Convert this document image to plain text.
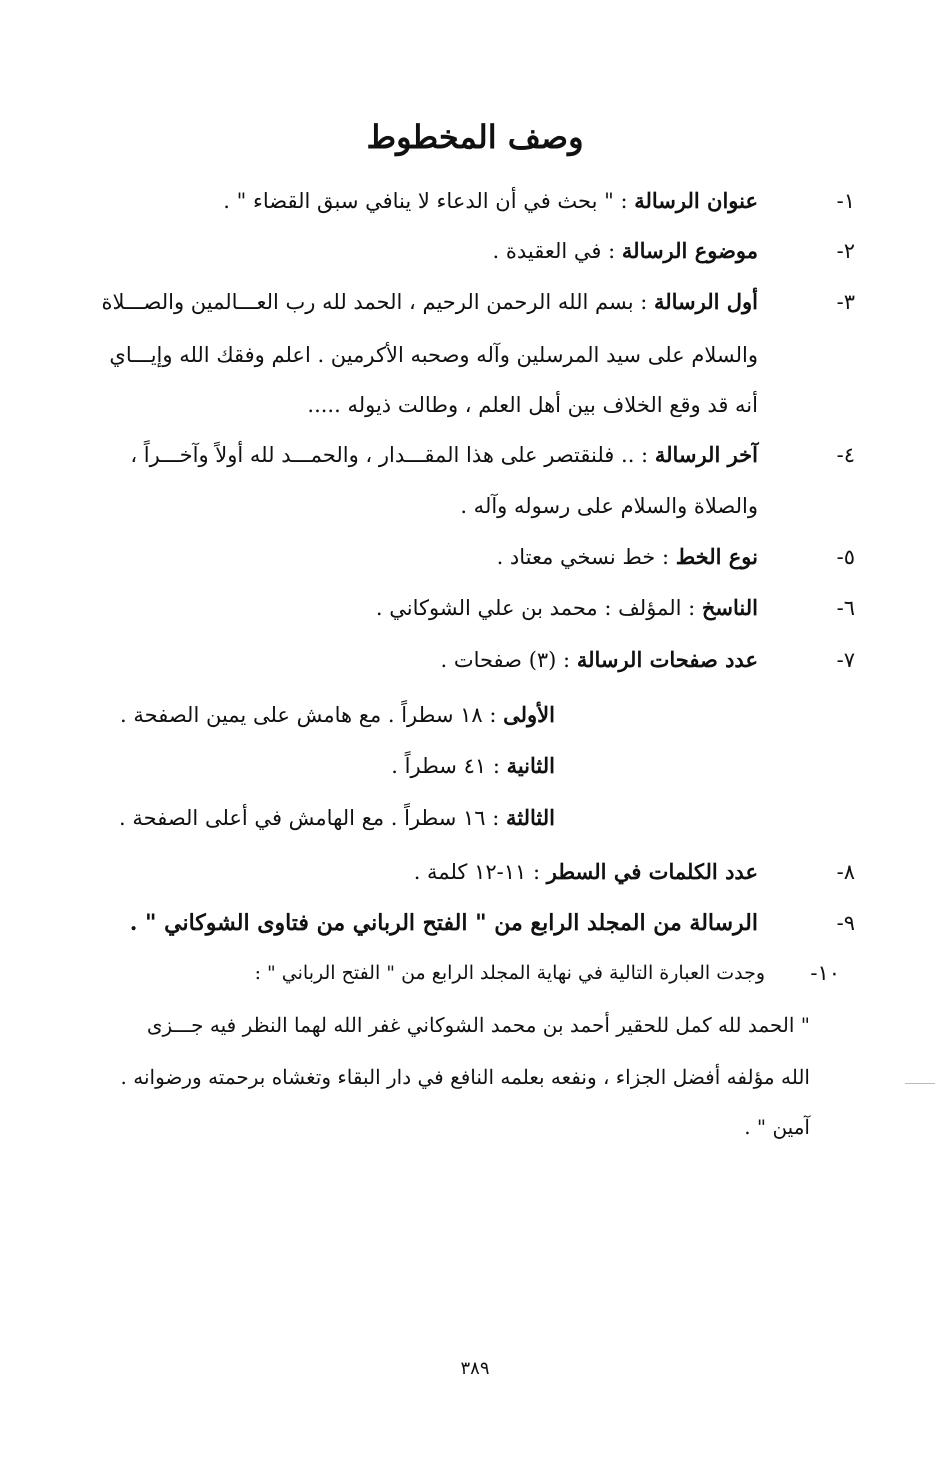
وصف المخطوط
١-
عنوان الرسالة : " بحث في أن الدعاء لا ينافي سبق القضاء " .
٢-
موضوع الرسالة : في العقيدة .
٣-
أول الرسالة : بسم الله الرحمن الرحيم ، الحمد لله رب العـــالمين والصـــلاة
والسلام على سيد المرسلين وآله وصحبه الأكرمين . اعلم وفقك الله وإيـــاي
أنه قد وقع الخلاف بين أهل العلم ، وطالت ذيوله .....
٤-
آخر الرسالة : .. فلنقتصر على هذا المقـــدار ، والحمـــد لله أولاً وآخـــراً ،
والصلاة والسلام على رسوله وآله .
٥-
نوع الخط : خط نسخي معتاد .
٦-
الناسخ : المؤلف : محمد بن علي الشوكاني .
٧-
عدد صفحات الرسالة : (٣) صفحات .
الأولى : ١٨ سطراً . مع هامش على يمين الصفحة .
الثانية : ٤١ سطراً .
الثالثة : ١٦ سطراً . مع الهامش في أعلى الصفحة .
٨-
عدد الكلمات في السطر : ١١-١٢ كلمة .
٩-
الرسالة من المجلد الرابع من " الفتح الرباني من فتاوى الشوكاني " .
١٠-
وجدت العبارة التالية في نهاية المجلد الرابع من " الفتح الرباني " :
" الحمد لله كمل للحقير أحمد بن محمد الشوكاني غفر الله لهما النظر فيه جـــزى
الله مؤلفه أفضل الجزاء ، ونفعه بعلمه النافع في دار البقاء وتغشاه برحمته ورضوانه .
آمين " .
٣٨٩
